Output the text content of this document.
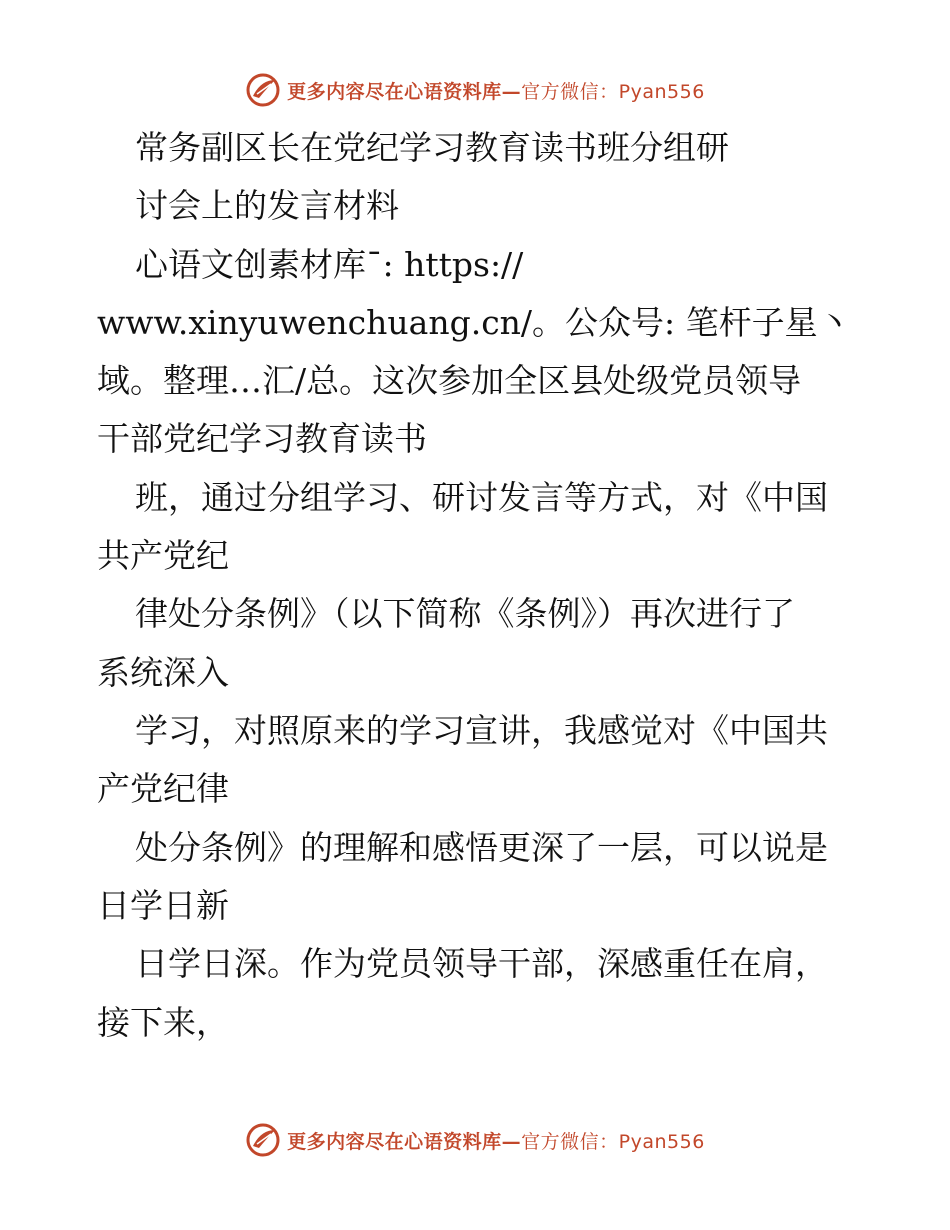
更多内容尽在心语资料库—官方微信：Pyan556
常务副区长在党纪学习教育读书班分组研
讨会上的发言材料
心语文创素材库¯: https://
www.xinyuwenchuang.cn/。公众号: 笔杆子星丶
域。整理…汇/总。这次参加全区县处级党员领导
干部党纪学习教育读书
班，通过分组学习、研讨发言等方式，对《中国
共产党纪
律处分条例》（以下简称《条例》）再次进行了
系统深入
学习，对照原来的学习宣讲，我感觉对《中国共
产党纪律
处分条例》的理解和感悟更深了一层，可以说是
日学日新
日学日深。作为党员领导干部，深感重任在肩，
接下来，
更多内容尽在心语资料库—官方微信：Pyan556
